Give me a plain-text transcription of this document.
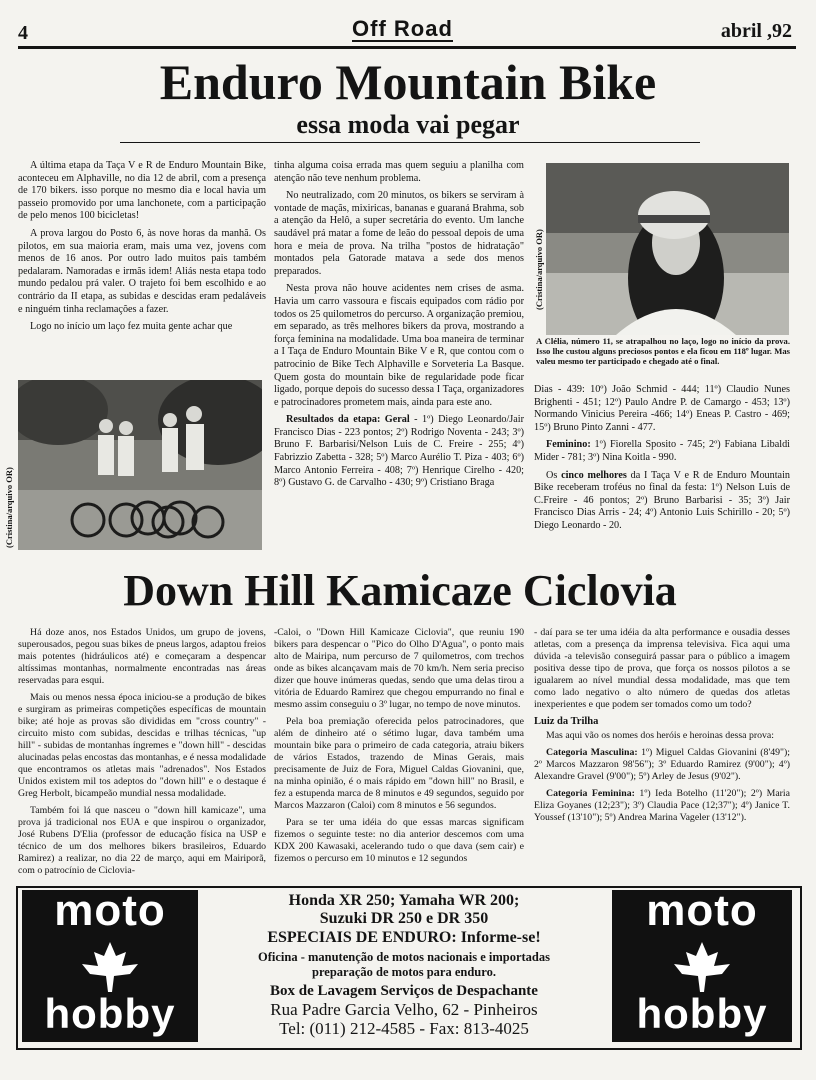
4	Off Road	abril ,92
Enduro Mountain Bike
essa moda vai pegar

A última etapa da Taça V e R de Enduro Mountain Bike, aconteceu em Alphaville, no dia 12 de abril, com a presença de 170 bikers. isso porque no mesmo dia e local havia um passeio promovido por uma lanchonete, com a participação de pelo menos 100 bicicletas!

A prova largou do Posto 6, às nove horas da manhã. Os pilotos, em sua maioria eram, mais uma vez, jovens com menos de 16 anos. Por outro lado muitos pais também pedalaram. Namoradas e irmãs idem! Aliás nesta etapa todo mundo pedalou prá valer. O trajeto foi bem escolhido e ao contrário da II etapa, as subidas e descidas eram pedaláveis e ninguém tinha reclamações a fazer.

Logo no início um laço fez muita gente achar que

(Cristina/arquivo OR)

tinha alguma coisa errada mas quem seguiu a planilha com atenção não teve nenhum problema.

No neutralizado, com 20 minutos, os bikers se serviram à vontade de maçãs, mixiricas, bananas e guaraná Brahma, sob a atenção da Helô, a super secretária do evento. Um lanche saudável prá matar a fome de leão do pessoal depois de uma hora e meia de prova. Na trilha "postos de hidratação" montados pela Gatorade matava a sede dos menos preparados.

Nesta prova não houve acidentes nem crises de asma. Havia um carro vassoura e fiscais equipados com rádio por todos os 25 quilometros do percurso. A organização premiou, em separado, as três melhores bikers da prova, mostrando a força feminina na modalidade. Uma boa maneira de terminar a I Taça de Enduro Mountain Bike V e R, que contou com o patrocinio de Bike Tech Alphaville e Sorveteria La Basque. Quem gosta do mountain bike de regularidade pode ficar ligado, porque depois do sucesso dessa I Taça, organizadores e patrocinadores prometem mais, ainda para este ano.

Resultados da etapa: Geral - 1º) Diego Leonardo/Jair Francisco Dias - 223 pontos; 2º) Rodrigo Noventa - 243; 3º) Bruno F. Barbarisi/Nelson Luis de C. Freire - 255; 4º) Fabrizzio Zabetta - 328; 5º) Marco Aurélio T. Piza - 403; 6º) Marco Antonio Ferreira - 408; 7º) Henrique Cirelho - 420; 8º) Gustavo G. de Carvalho - 430; 9º) Cristiano Braga

(Cristina/arquivo OR)
A Clélia, número 11, se atrapalhou no laço, logo no início da prova. Isso lhe custou alguns preciosos pontos e ela ficou em 118º lugar. Mas valeu mesmo ter participado e chegado até o final.

Dias - 439: 10º) João Schmid - 444; 11º) Claudio Nunes Brighenti - 451; 12º) Paulo Andre P. de Camargo - 453; 13º) Normando Vinicius Pereira -466; 14º) Eneas P. Castro - 469; 15º) Bruno Pinto Zanni - 477.

Feminino: 1º) Fiorella Sposito - 745; 2º) Fabiana Libaldi Mider - 781; 3º) Nina Koitla - 990.

Os cinco melhores da I Taça V e R de Enduro Mountain Bike receberam troféus no final da festa: 1º) Nelson Luis de C.Freire - 46 pontos; 2º) Bruno Barbarisi - 35; 3º) Jair Francisco Dias Arris - 24; 4º) Antonio Luis Schirillo - 20; 5º) Diego Leonardo - 20.

Down Hill Kamicaze Ciclovia

Há doze anos, nos Estados Unidos, um grupo de jovens, superousados, pegou suas bikes de pneus largos, adaptou freios mais potentes (hidráulicos até) e começaram a despencar altíssimas montanhas, normalmente encontradas nas áreas reservadas para esqui.

Mais ou menos nessa época iniciou-se a produção de bikes e surgiram as primeiras competições específicas de mountain bike; até hoje as provas são divididas em "cross country" - circuito misto com subidas, descidas e trilhas técnicas, "up hill" - subidas de montanhas íngremes e "down hill" - descidas alucinadas pelas encostas das montanhas, e é nessa modalidade que encontramos os atletas mais "adrenados". Nos Estados Unidos existem mil tos adeptos do "down hill" e o destaque é Greg Herbolt, bicampeão mundial nessa modalidade.

Também foi lá que nasceu o "down hill kamicaze", uma prova já tradicional nos EUA e que inspirou o organizador, José Rubens D'Elia (professor de educação física na USP e técnico de um dos melhores bikers brasileiros, Eduardo Ramirez) a realizar, no dia 22 de março, aqui em Mairiporã, com o patrocínio de Ciclovia-

-Caloi, o "Down Hill Kamicaze Ciclovia", que reuniu 190 bikers para despencar o "Pico do Olho D'Agua", o ponto mais alto de Mairipa, num percurso de 7 quilometros, com trechos onde as bikes alcançavam mais de 70 km/h. Nem seria preciso dizer que houve inúmeras quedas, sendo que uma delas tirou a vitória de Eduardo Ramirez que chegou empurrando no final e mesmo assim conseguiu o 3º lugar, no tempo de nove minutos.

Pela boa premiação oferecida pelos patrocinadores, que além de dinheiro até o sétimo lugar, dava também uma mountain bike para o primeiro de cada categoria, atraiu bikers de vários Estados, trazendo de Minas Gerais, mais precisamente de Juiz de Fora, Miguel Caldas Giovanini, que, na minha opinião, é o mais rápido em "down hill" no Brasil, e fez a estupenda marca de 8 minutos e 49 segundos, seguido por Marcos Mazzaron (Caloi) com 8 minutos e 56 segundos.

Para se ter uma idéia do que essas marcas significam fizemos o seguinte teste: no dia anterior descemos com uma KDX 200 Kawasaki, acelerando tudo o que dava (sem cair) e fizemos o percurso em 10 minutos e 12 segundos

- daí para se ter uma idéia da alta performance e ousadia desses atletas, com a presença da imprensa televisiva. Fica aqui uma dúvida -a televisão conseguirá passar para o público a imagem positiva desse tipo de prova, que força os nossos pilotos a se igualarem ao nível mundial dessa modalidade, mas que tem como lado negativo o alto número de quedas dos atletas inexperientes e que podem ser tomados como um todo?

Luiz da Trilha

Mas aqui vão os nomes dos heróis e heroinas dessa prova:

Categoria Masculina: 1º) Miguel Caldas Giovanini (8'49"); 2º Marcos Mazzaron 98'56"); 3º Eduardo Ramirez (9'00"); 4º) Alexandre Gravel (9'00"); 5º) Arley de Jesus (9'02").

Categoria Feminina: 1º) Ieda Botelho (11'20"); 2º) Maria Eliza Goyanes (12;23"); 3º) Claudia Pace (12;37"); 4º) Janice T. Youssef (13'10"); 5º) Andrea Marina Vageler (13'12").

moto
hobby
Honda XR 250; Yamaha WR 200;
Suzuki DR 250 e DR 350
ESPECIAIS DE ENDURO: Informe-se!
Oficina - manutenção de motos nacionais e importadas
preparação de motos para enduro.
Box de Lavagem Serviços de Despachante
Rua Padre Garcia Velho, 62 - Pinheiros
Tel: (011) 212-4585 - Fax: 813-4025
moto
hobby
